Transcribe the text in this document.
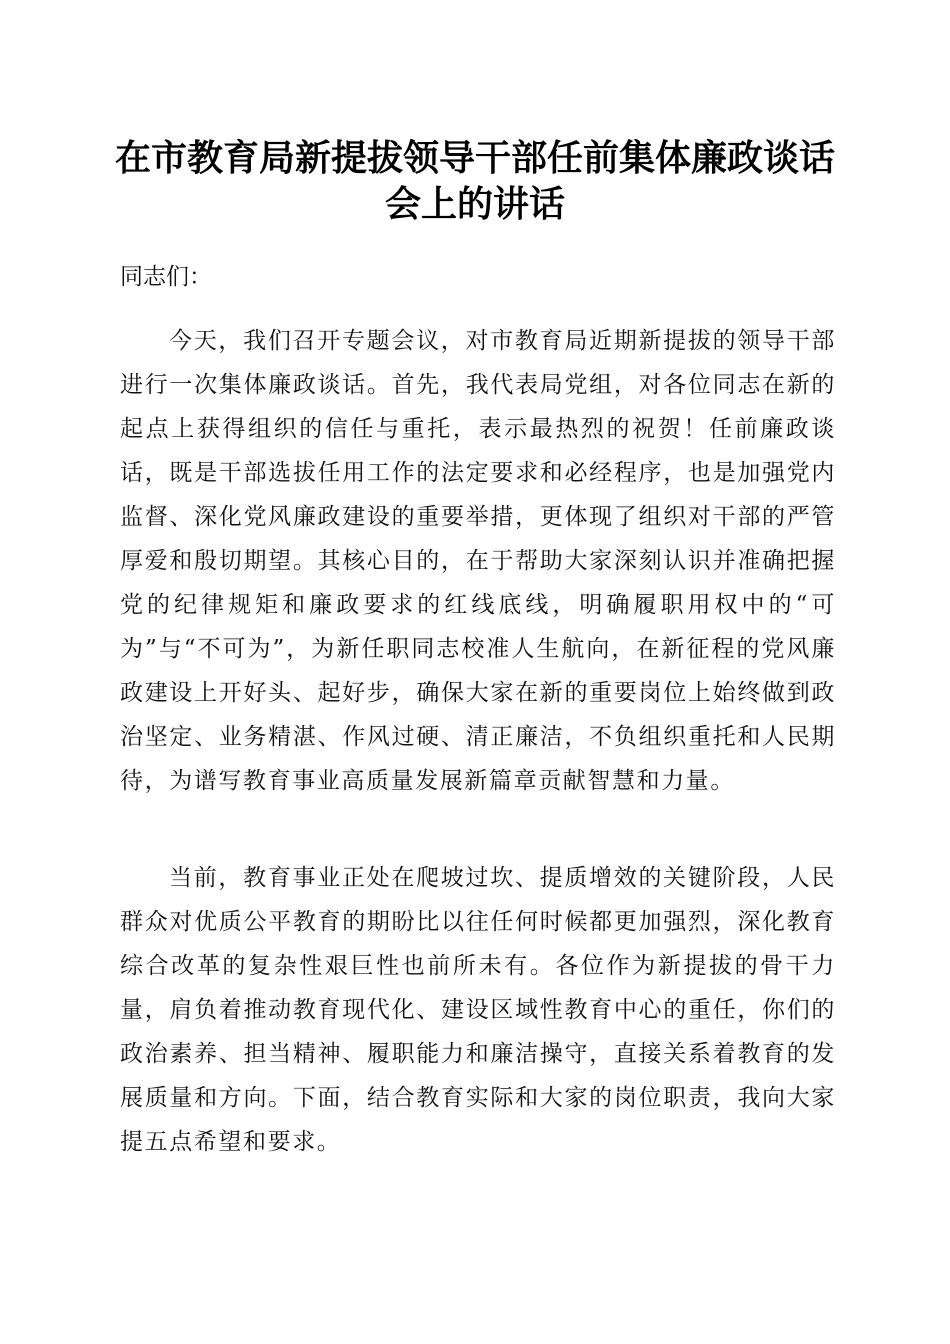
在市教育局新提拔领导干部任前集体廉政谈话
会上的讲话
同志们：

今天，我们召开专题会议，对市教育局近期新提拔的领导干部进行一次集体廉政谈话。首先，我代表局党组，对各位同志在新的起点上获得组织的信任与重托，表示最热烈的祝贺！任前廉政谈话，既是干部选拔任用工作的法定要求和必经程序，也是加强党内监督、深化党风廉政建设的重要举措，更体现了组织对干部的严管厚爱和殷切期望。其核心目的，在于帮助大家深刻认识并准确把握党的纪律规矩和廉政要求的红线底线，明确履职用权中的“可为”与“不可为”，为新任职同志校准人生航向，在新征程的党风廉政建设上开好头、起好步，确保大家在新的重要岗位上始终做到政治坚定、业务精湛、作风过硬、清正廉洁，不负组织重托和人民期待，为谱写教育事业高质量发展新篇章贡献智慧和力量。

当前，教育事业正处在爬坡过坎、提质增效的关键阶段，人民群众对优质公平教育的期盼比以往任何时候都更加强烈，深化教育综合改革的复杂性艰巨性也前所未有。各位作为新提拔的骨干力量，肩负着推动教育现代化、建设区域性教育中心的重任，你们的政治素养、担当精神、履职能力和廉洁操守，直接关系着教育的发展质量和方向。下面，结合教育实际和大家的岗位职责，我向大家提五点希望和要求。
